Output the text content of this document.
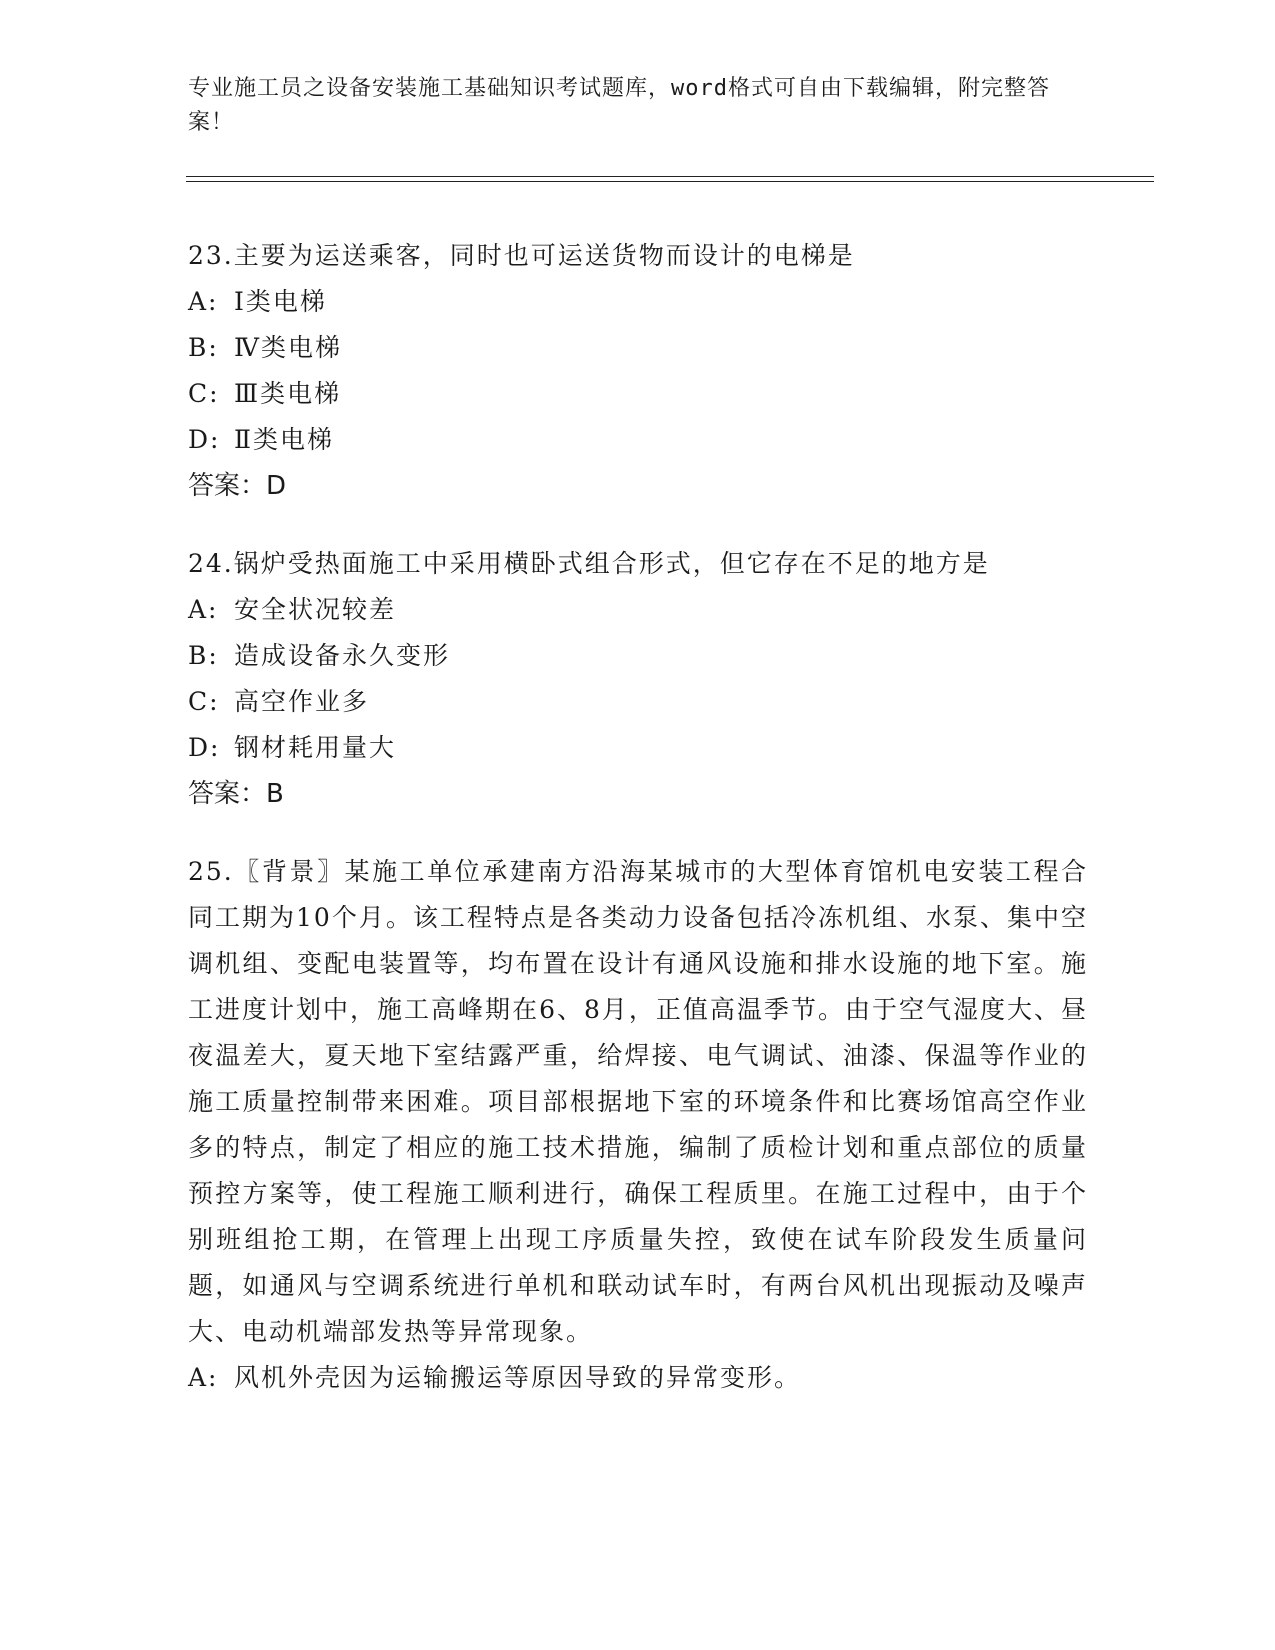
专业施工员之设备安装施工基础知识考试题库，word格式可自由下载编辑，附完整答案！
23.主要为运送乘客，同时也可运送货物而设计的电梯是
A: Ⅰ类电梯
B: Ⅳ类电梯
C: Ⅲ类电梯
D: Ⅱ类电梯
答案：D
24.锅炉受热面施工中采用横卧式组合形式，但它存在不足的地方是
A: 安全状况较差
B: 造成设备永久变形
C: 高空作业多
D: 钢材耗用量大
答案：B
25.〖背景〗某施工单位承建南方沿海某城市的大型体育馆机电安装工程合同工期为10个月。该工程特点是各类动力设备包括冷冻机组、水泵、集中空调机组、变配电装置等，均布置在设计有通风设施和排水设施的地下室。施工进度计划中，施工高峰期在6、8月，正值高温季节。由于空气湿度大、昼夜温差大，夏天地下室结露严重，给焊接、电气调试、油漆、保温等作业的施工质量控制带来困难。项目部根据地下室的环境条件和比赛场馆高空作业多的特点，制定了相应的施工技术措施，编制了质检计划和重点部位的质量预控方案等，使工程施工顺利进行，确保工程质里。在施工过程中，由于个别班组抢工期，在管理上出现工序质量失控，致使在试车阶段发生质量问题，如通风与空调系统进行单机和联动试车时，有两台风机出现振动及噪声大、电动机端部发热等异常现象。
A: 风机外壳因为运输搬运等原因导致的异常变形。
